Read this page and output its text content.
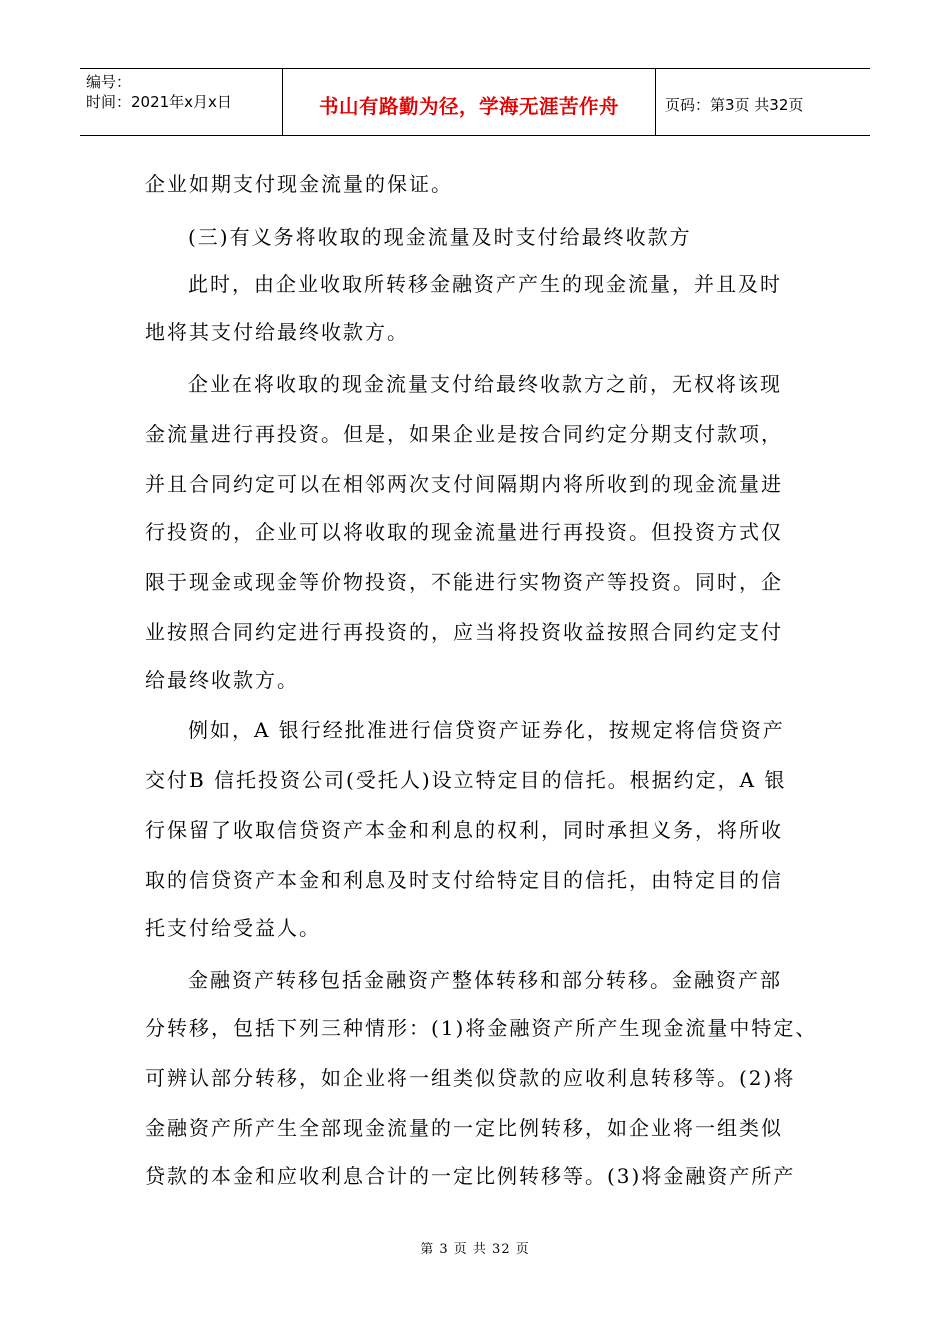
编号：
时间：2021年x月x日	书山有路勤为径，学海无涯苦作舟	页码：第3页 共32页

企业如期支付现金流量的保证。

(三)有义务将收取的现金流量及时支付给最终收款方

此时，由企业收取所转移金融资产产生的现金流量，并且及时

地将其支付给最终收款方。

企业在将收取的现金流量支付给最终收款方之前，无权将该现

金流量进行再投资。但是，如果企业是按合同约定分期支付款项，

并且合同约定可以在相邻两次支付间隔期内将所收到的现金流量进

行投资的，企业可以将收取的现金流量进行再投资。但投资方式仅

限于现金或现金等价物投资，不能进行实物资产等投资。同时，企

业按照合同约定进行再投资的，应当将投资收益按照合同约定支付

给最终收款方。

例如，A 银行经批准进行信贷资产证券化，按规定将信贷资产

交付B 信托投资公司(受托人)设立特定目的信托。根据约定，A 银

行保留了收取信贷资产本金和利息的权利，同时承担义务，将所收

取的信贷资产本金和利息及时支付给特定目的信托，由特定目的信

托支付给受益人。

金融资产转移包括金融资产整体转移和部分转移。金融资产部

分转移，包括下列三种情形：(1)将金融资产所产生现金流量中特定、

可辨认部分转移，如企业将一组类似贷款的应收利息转移等。(2)将

金融资产所产生全部现金流量的一定比例转移，如企业将一组类似

贷款的本金和应收利息合计的一定比例转移等。(3)将金融资产所产

第 3 页 共 32 页
